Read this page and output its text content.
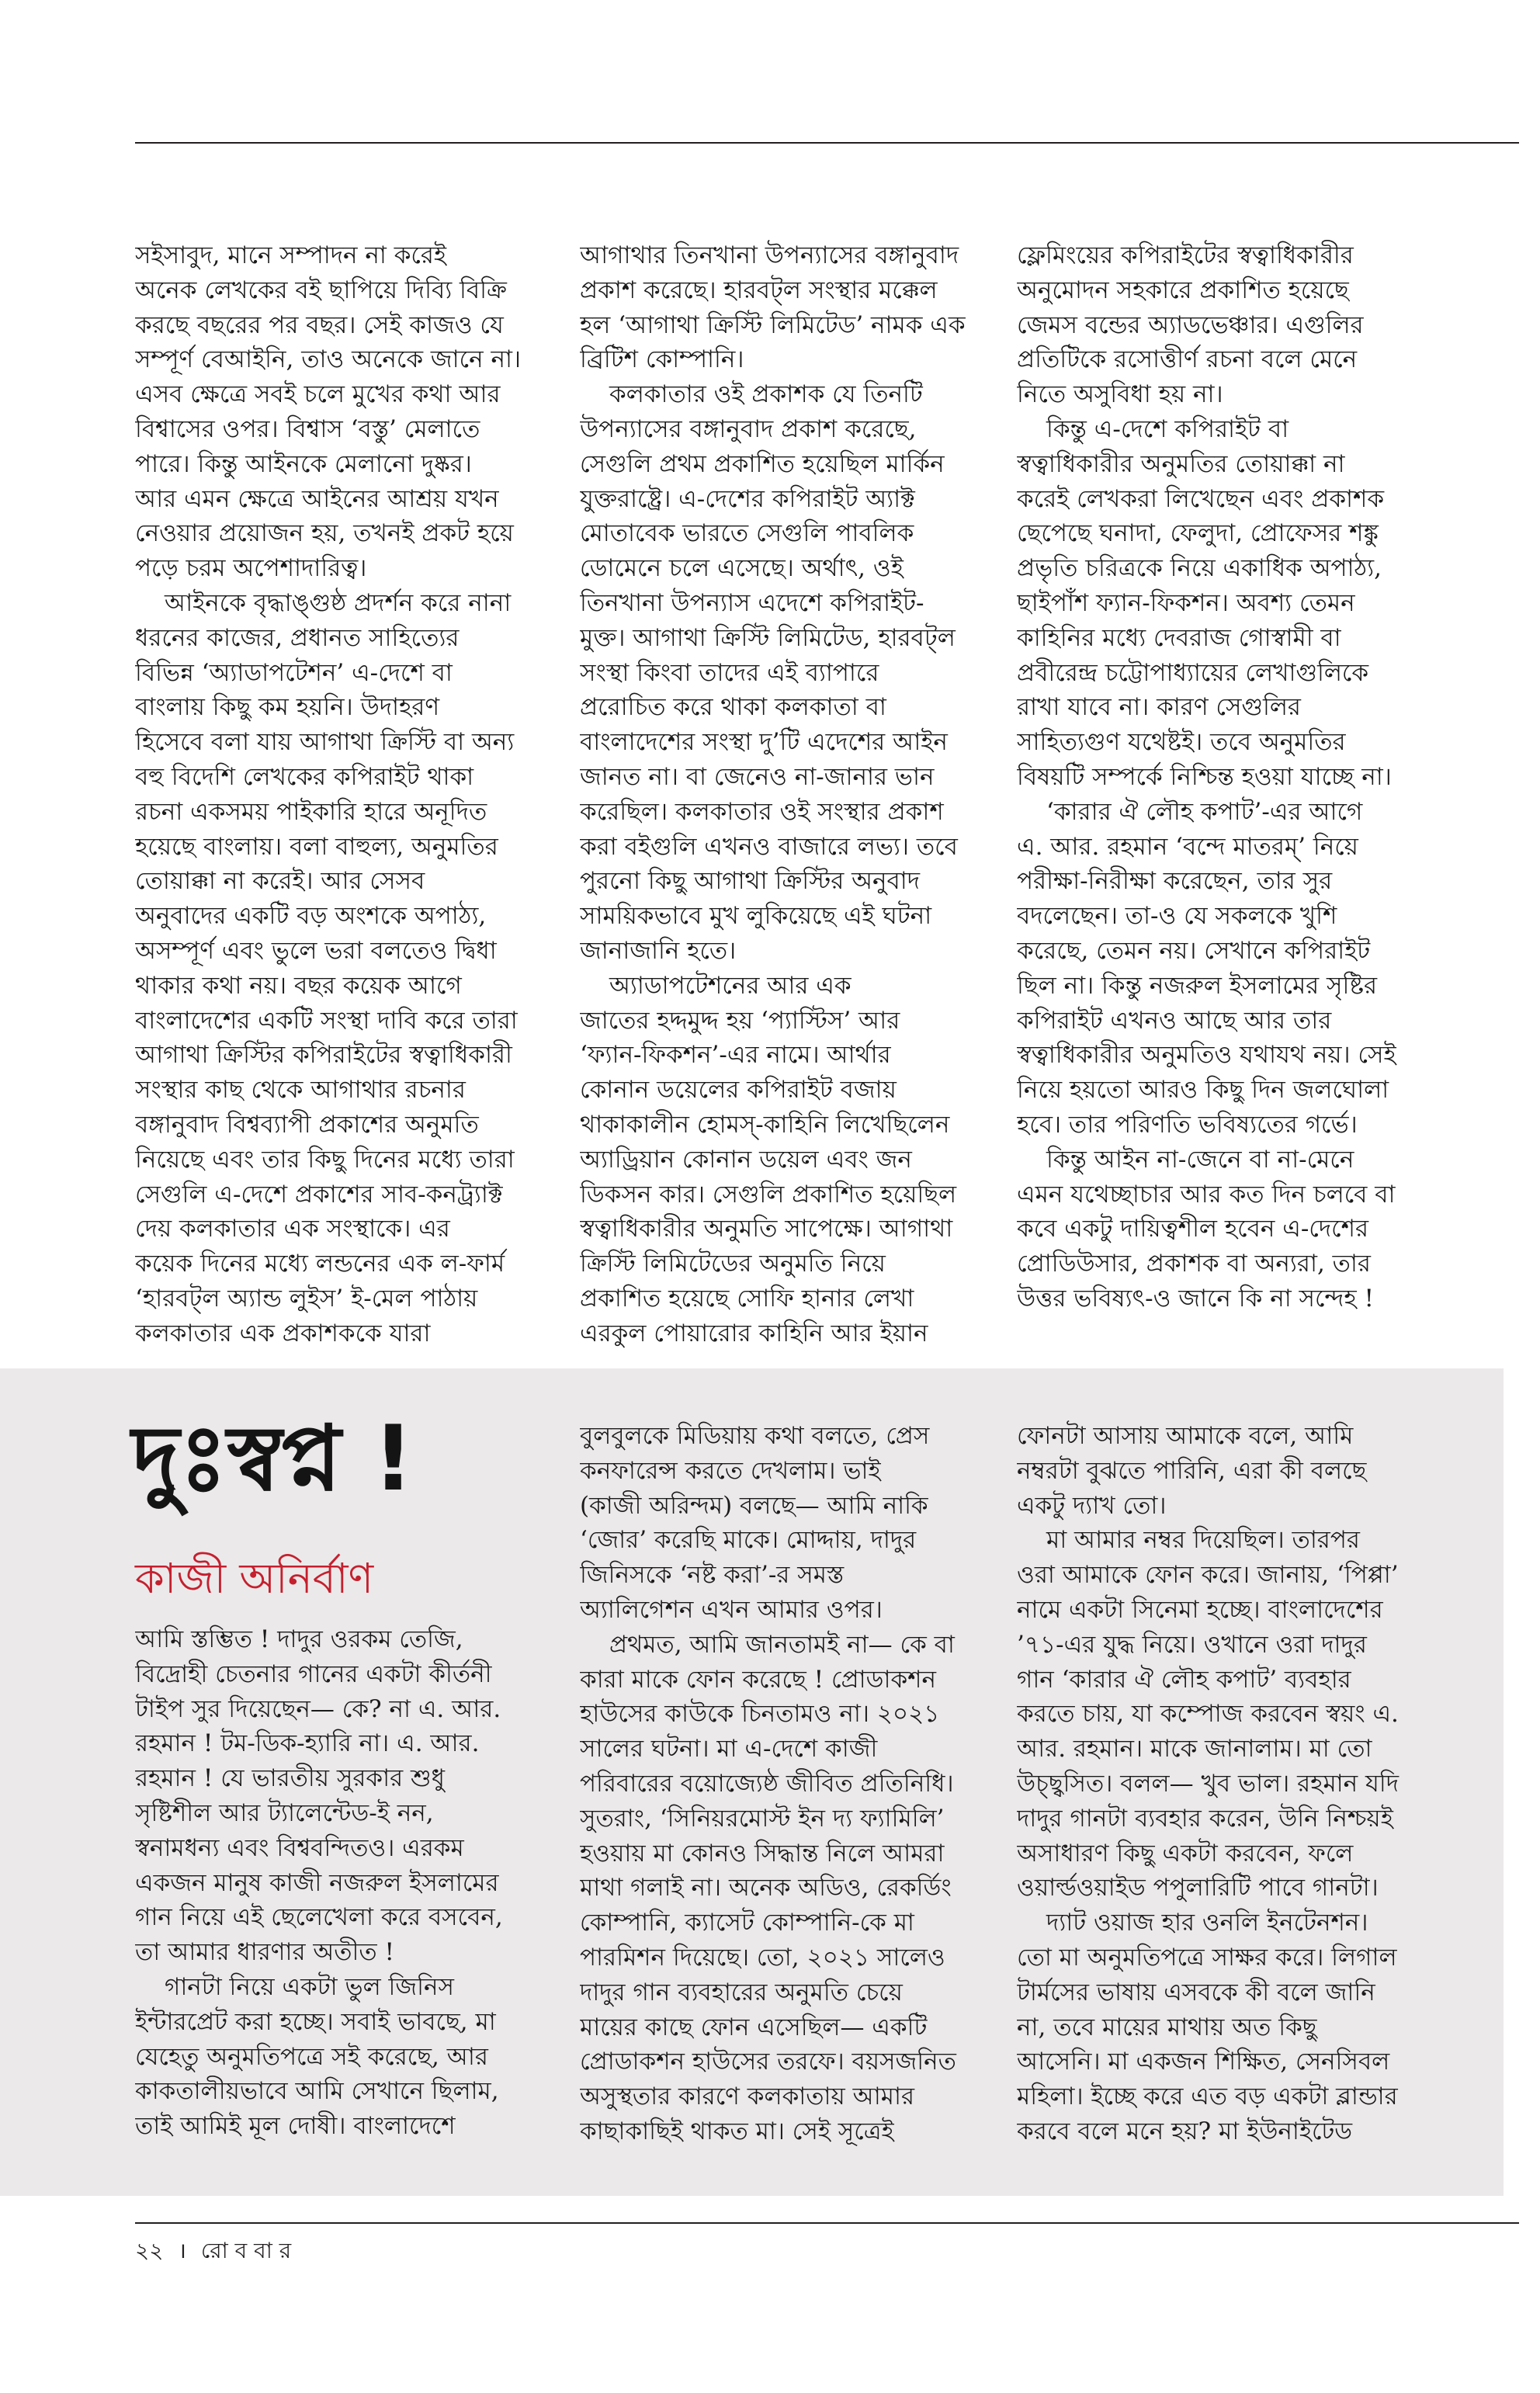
সইসাবুদ, মানে সম্পাদন না করেই
অনেক লেখকের বই ছাপিয়ে দিব্যি বিক্রি
করছে বছরের পর বছর। সেই কাজও যে
সম্পূর্ণ বেআইনি, তাও অনেকে জানে না।
এসব ক্ষেত্রে সবই চলে মুখের কথা আর
বিশ্বাসের ওপর। বিশ্বাস ‘বস্তু’ মেলাতে
পারে। কিন্তু আইনকে মেলানো দুষ্কর।
আর এমন ক্ষেত্রে আইনের আশ্রয় যখন
নেওয়ার প্রয়োজন হয়, তখনই প্রকট হয়ে
পড়ে চরম অপেশাদারিত্ব।
আইনকে বৃদ্ধাঙ্গুষ্ঠ প্রদর্শন করে নানা
ধরনের কাজের, প্রধানত সাহিত্যের
বিভিন্ন ‘অ্যাডাপটেশন’ এ-দেশে বা
বাংলায় কিছু কম হয়নি। উদাহরণ
হিসেবে বলা যায় আগাথা ক্রিস্টি বা অন্য
বহু বিদেশি লেখকের কপিরাইট থাকা
রচনা একসময় পাইকারি হারে অনূদিত
হয়েছে বাংলায়। বলা বাহুল্য, অনুমতির
তোয়াক্কা না করেই। আর সেসব
অনুবাদের একটি বড় অংশকে অপাঠ্য,
অসম্পূর্ণ এবং ভুলে ভরা বলতেও দ্বিধা
থাকার কথা নয়। বছর কয়েক আগে
বাংলাদেশের একটি সংস্থা দাবি করে তারা
আগাথা ক্রিস্টির কপিরাইটের স্বত্বাধিকারী
সংস্থার কাছ থেকে আগাথার রচনার
বঙ্গানুবাদ বিশ্বব্যাপী প্রকাশের অনুমতি
নিয়েছে এবং তার কিছু দিনের মধ্যে তারা
সেগুলি এ-দেশে প্রকাশের সাব-কনট্র্যাক্ট
দেয় কলকাতার এক সংস্থাকে। এর
কয়েক দিনের মধ্যে লন্ডনের এক ল-ফার্ম
‘হারবট্‌ল অ্যান্ড লুইস’ ই-মেল পাঠায়
কলকাতার এক প্রকাশককে যারা
আগাথার তিনখানা উপন্যাসের বঙ্গানুবাদ
প্রকাশ করেছে। হারবট্‌ল সংস্থার মক্কেল
হল ‘আগাথা ক্রিস্টি লিমিটেড’ নামক এক
ব্রিটিশ কোম্পানি।
কলকাতার ওই প্রকাশক যে তিনটি
উপন্যাসের বঙ্গানুবাদ প্রকাশ করেছে,
সেগুলি প্রথম প্রকাশিত হয়েছিল মার্কিন
যুক্তরাষ্ট্রে। এ-দেশের কপিরাইট অ্যাক্ট
মোতাবেক ভারতে সেগুলি পাবলিক
ডোমেনে চলে এসেছে। অর্থাৎ, ওই
তিনখানা উপন্যাস এদেশে কপিরাইট-
মুক্ত। আগাথা ক্রিস্টি লিমিটেড, হারবট্‌ল
সংস্থা কিংবা তাদের এই ব্যাপারে
প্ররোচিত করে থাকা কলকাতা বা
বাংলাদেশের সংস্থা দু’টি এদেশের আইন
জানত না। বা জেনেও না-জানার ভান
করেছিল। কলকাতার ওই সংস্থার প্রকাশ
করা বইগুলি এখনও বাজারে লভ্য। তবে
পুরনো কিছু আগাথা ক্রিস্টির অনুবাদ
সাময়িকভাবে মুখ লুকিয়েছে এই ঘটনা
জানাজানি হতে।
অ্যাডাপটেশনের আর এক
জাতের হদ্দমুদ্দ হয় ‘প্যাস্টিস’ আর
‘ফ্যান-ফিকশন’-এর নামে। আর্থার
কোনান ডয়েলের কপিরাইট বজায়
থাকাকালীন হোমস্-কাহিনি লিখেছিলেন
অ্যাড্রিয়ান কোনান ডয়েল এবং জন
ডিকসন কার। সেগুলি প্রকাশিত হয়েছিল
স্বত্বাধিকারীর অনুমতি সাপেক্ষে। আগাথা
ক্রিস্টি লিমিটেডের অনুমতি নিয়ে
প্রকাশিত হয়েছে সোফি হানার লেখা
এরকুল পোয়ারোর কাহিনি আর ইয়ান
ফ্লেমিংয়ের কপিরাইটের স্বত্বাধিকারীর
অনুমোদন সহকারে প্রকাশিত হয়েছে
জেমস বন্ডের অ্যাডভেঞ্চার। এগুলির
প্রতিটিকে রসোত্তীর্ণ রচনা বলে মেনে
নিতে অসুবিধা হয় না।
কিন্তু এ-দেশে কপিরাইট বা
স্বত্বাধিকারীর অনুমতির তোয়াক্কা না
করেই লেখকরা লিখেছেন এবং প্রকাশক
ছেপেছে ঘনাদা, ফেলুদা, প্রোফেসর শঙ্কু
প্রভৃতি চরিত্রকে নিয়ে একাধিক অপাঠ্য,
ছাইপাঁশ ফ্যান-ফিকশন। অবশ্য তেমন
কাহিনির মধ্যে দেবরাজ গোস্বামী বা
প্রবীরেন্দ্র চট্টোপাধ্যায়ের লেখাগুলিকে
রাখা যাবে না। কারণ সেগুলির
সাহিত্যগুণ যথেষ্টই। তবে অনুমতির
বিষয়টি সম্পর্কে নিশ্চিন্ত হওয়া যাচ্ছে না।
‘কারার ঐ লৌহ কপাট’-এর আগে
এ. আর. রহমান ‘বন্দে মাতরম্’ নিয়ে
পরীক্ষা-নিরীক্ষা করেছেন, তার সুর
বদলেছেন। তা-ও যে সকলকে খুশি
করেছে, তেমন নয়। সেখানে কপিরাইট
ছিল না। কিন্তু নজরুল ইসলামের সৃষ্টির
কপিরাইট এখনও আছে আর তার
স্বত্বাধিকারীর অনুমতিও যথাযথ নয়। সেই
নিয়ে হয়তো আরও কিছু দিন জলঘোলা
হবে। তার পরিণতি ভবিষ্যতের গর্ভে।
কিন্তু আইন না-জেনে বা না-মেনে
এমন যথেচ্ছাচার আর কত দিন চলবে বা
কবে একটু দায়িত্বশীল হবেন এ-দেশের
প্রোডিউসার, প্রকাশক বা অন্যরা, তার
উত্তর ভবিষ্যৎ-ও জানে কি না সন্দেহ !
দুঃস্বপ্ন !
কাজী অনির্বাণ
আমি স্তম্ভিত ! দাদুর ওরকম তেজি,
বিদ্রোহী চেতনার গানের একটা কীর্তনী
টাইপ সুর দিয়েছেন— কে? না এ. আর.
রহমান ! টম-ডিক-হ্যারি না। এ. আর.
রহমান ! যে ভারতীয় সুরকার শুধু
সৃষ্টিশীল আর ট্যালেন্টেড-ই নন,
স্বনামধন্য এবং বিশ্ববন্দিতও। এরকম
একজন মানুষ কাজী নজরুল ইসলামের
গান নিয়ে এই ছেলেখেলা করে বসবেন,
তা আমার ধারণার অতীত !
গানটা নিয়ে একটা ভুল জিনিস
ইন্টারপ্রেট করা হচ্ছে। সবাই ভাবছে, মা
যেহেতু অনুমতিপত্রে সই করেছে, আর
কাকতালীয়ভাবে আমি সেখানে ছিলাম,
তাই আমিই মূল দোষী। বাংলাদেশে
বুলবুলকে মিডিয়ায় কথা বলতে, প্রেস
কনফারেন্স করতে দেখলাম। ভাই
(কাজী অরিন্দম) বলছে— আমি নাকি
‘জোর’ করেছি মাকে। মোদ্দায়, দাদুর
জিনিসকে ‘নষ্ট করা’-র সমস্ত
অ্যালিগেশন এখন আমার ওপর।
প্রথমত, আমি জানতামই না— কে বা
কারা মাকে ফোন করেছে ! প্রোডাকশন
হাউসের কাউকে চিনতামও না। ২০২১
সালের ঘটনা। মা এ-দেশে কাজী
পরিবারের বয়োজ্যেষ্ঠ জীবিত প্রতিনিধি।
সুতরাং, ‘সিনিয়রমোস্ট ইন দ্য ফ্যামিলি’
হওয়ায় মা কোনও সিদ্ধান্ত নিলে আমরা
মাথা গলাই না। অনেক অডিও, রেকর্ডিং
কোম্পানি, ক্যাসেট কোম্পানি-কে মা
পারমিশন দিয়েছে। তো, ২০২১ সালেও
দাদুর গান ব্যবহারের অনুমতি চেয়ে
মায়ের কাছে ফোন এসেছিল— একটি
প্রোডাকশন হাউসের তরফে। বয়সজনিত
অসুস্থতার কারণে কলকাতায় আমার
কাছাকাছিই থাকত মা। সেই সূত্রেই
ফোনটা আসায় আমাকে বলে, আমি
নম্বরটা বুঝতে পারিনি, এরা কী বলছে
একটু দ্যাখ তো।
মা আমার নম্বর দিয়েছিল। তারপর
ওরা আমাকে ফোন করে। জানায়, ‘পিপ্পা’
নামে একটা সিনেমা হচ্ছে। বাংলাদেশের
’৭১-এর যুদ্ধ নিয়ে। ওখানে ওরা দাদুর
গান ‘কারার ঐ লৌহ কপাট’ ব্যবহার
করতে চায়, যা কম্পোজ করবেন স্বয়ং এ.
আর. রহমান। মাকে জানালাম। মা তো
উচ্ছ্বসিত। বলল— খুব ভাল। রহমান যদি
দাদুর গানটা ব্যবহার করেন, উনি নিশ্চয়ই
অসাধারণ কিছু একটা করবেন, ফলে
ওয়ার্ল্ডওয়াইড পপুলারিটি পাবে গানটা।
দ্যাট ওয়াজ হার ওনলি ইনটেনশন।
তো মা অনুমতিপত্রে সাক্ষর করে। লিগাল
টার্মসের ভাষায় এসবকে কী বলে জানি
না, তবে মায়ের মাথায় অত কিছু
আসেনি। মা একজন শিক্ষিত, সেনসিবল
মহিলা। ইচ্ছে করে এত বড় একটা ব্লান্ডার
করবে বলে মনে হয়? মা ইউনাইটেড
২২ । রো ব বা র
